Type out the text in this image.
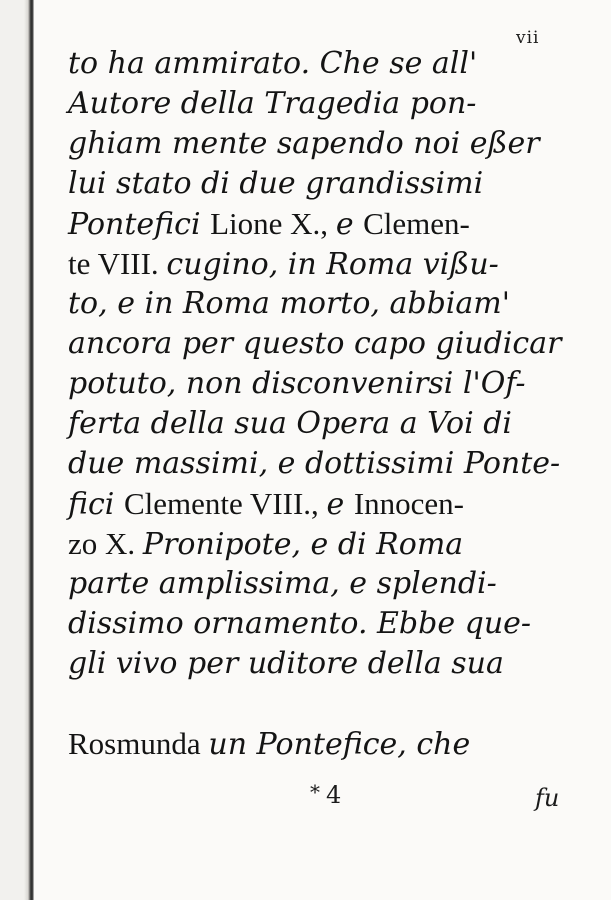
vii
to ha ammirato. Che se all'
Autore della Tragedia pon-
ghiam mente sapendo noi eßer
lui stato di due grandissimi
Pontefici Lione X., e Clemen-
te VIII. cugino, in Roma vißu-
to, e in Roma morto, abbiam'
ancora per questo capo giudicar
potuto, non disconvenirsi l'Of-
ferta della sua Opera a Voi di
due massimi, e dottissimi Ponte-
fici Clemente VIII., e Innocen-
zo X. Pronipote, e di Roma
parte amplissima, e splendi-
dissimo ornamento. Ebbe que-
gli vivo per uditore della sua
Rosmunda un Pontefice, che
* 4	fu
